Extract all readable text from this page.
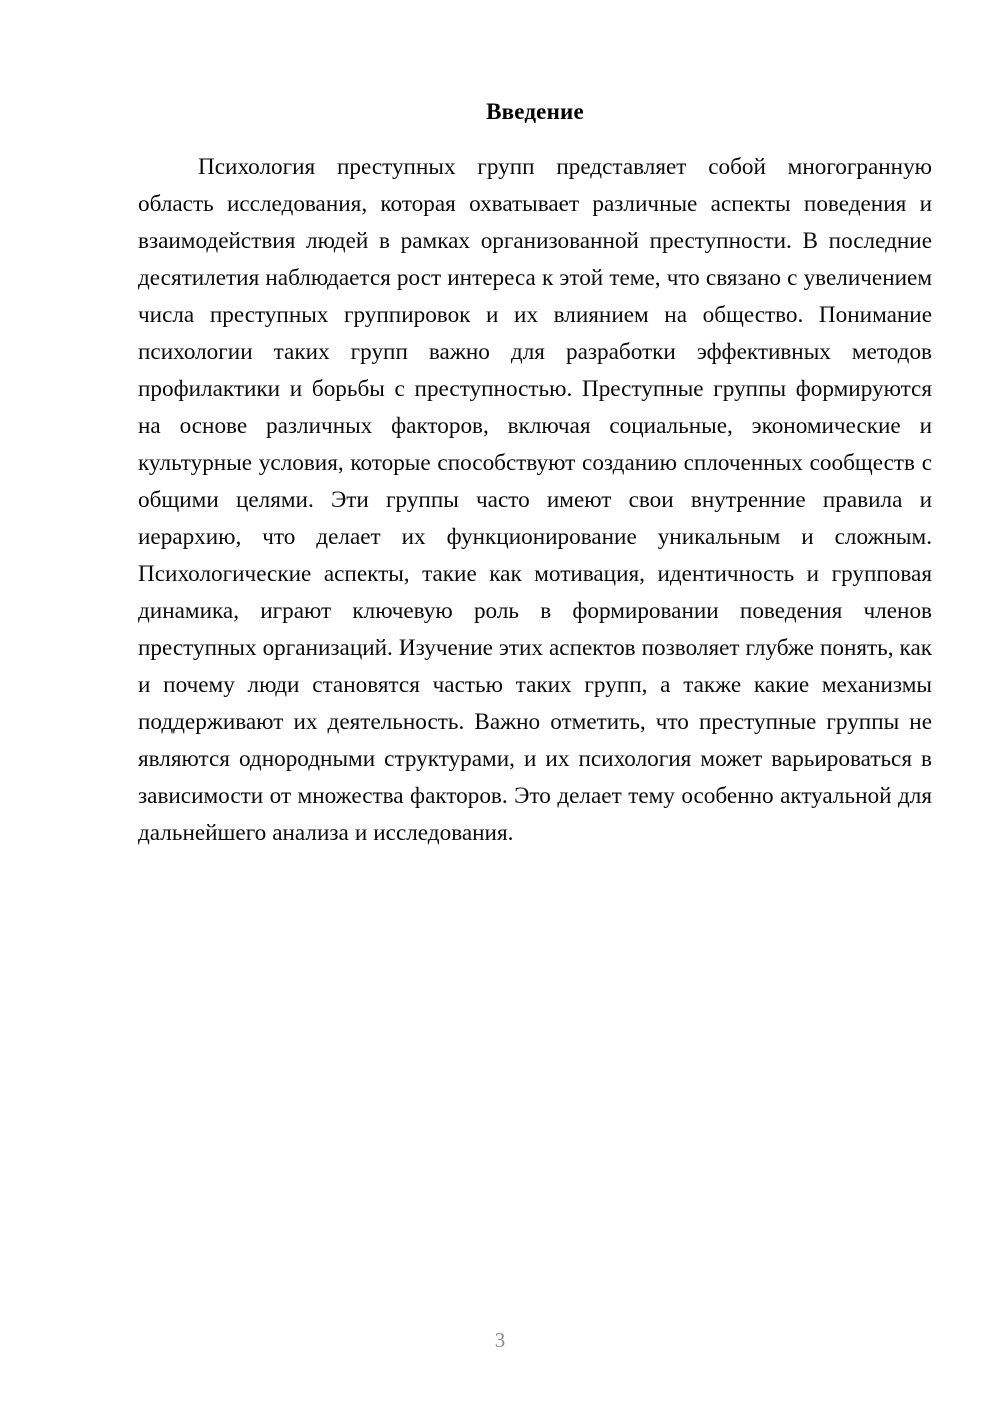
Введение

Психология преступных групп представляет собой многогранную область исследования, которая охватывает различные аспекты поведения и взаимодействия людей в рамках организованной преступности. В последние десятилетия наблюдается рост интереса к этой теме, что связано с увеличением числа преступных группировок и их влиянием на общество. Понимание психологии таких групп важно для разработки эффективных методов профилактики и борьбы с преступностью. Преступные группы формируются на основе различных факторов, включая социальные, экономические и культурные условия, которые способствуют созданию сплоченных сообществ с общими целями. Эти группы часто имеют свои внутренние правила и иерархию, что делает их функционирование уникальным и сложным. Психологические аспекты, такие как мотивация, идентичность и групповая динамика, играют ключевую роль в формировании поведения членов преступных организаций. Изучение этих аспектов позволяет глубже понять, как и почему люди становятся частью таких групп, а также какие механизмы поддерживают их деятельность. Важно отметить, что преступные группы не являются однородными структурами, и их психология может варьироваться в зависимости от множества факторов. Это делает тему особенно актуальной для дальнейшего анализа и исследования.

3
